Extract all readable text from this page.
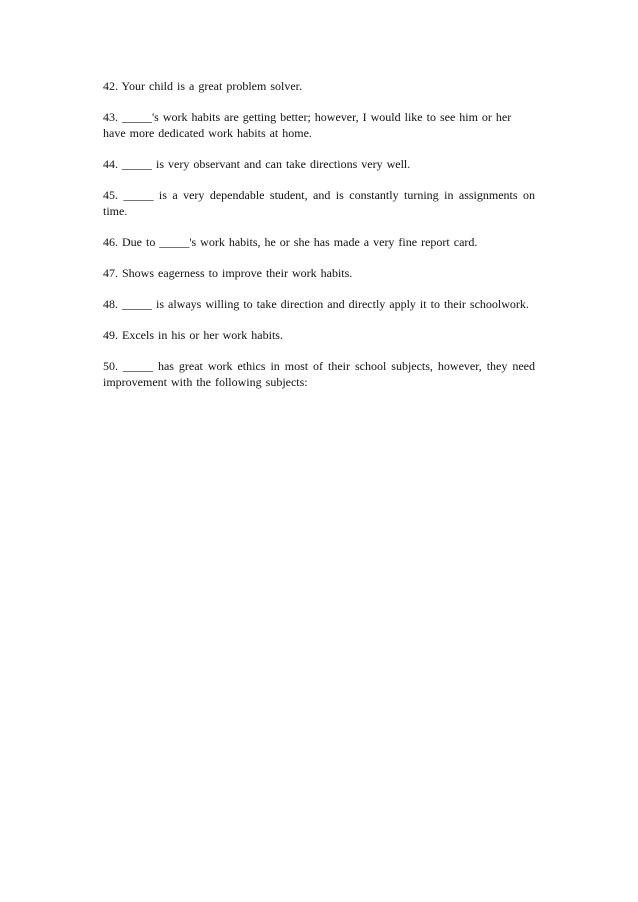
42. Your child is a great problem solver.

43. _____'s work habits are getting better; however, I would like to see him or her have more dedicated work habits at home.

44. _____ is very observant and can take directions very well.

45. _____ is a very dependable student, and is constantly turning in assignments on time.

46. Due to _____'s work habits, he or she has made a very fine report card.

47. Shows eagerness to improve their work habits.

48. _____ is always willing to take direction and directly apply it to their schoolwork.

49. Excels in his or her work habits.

50. _____ has great work ethics in most of their school subjects, however, they need improvement with the following subjects:
